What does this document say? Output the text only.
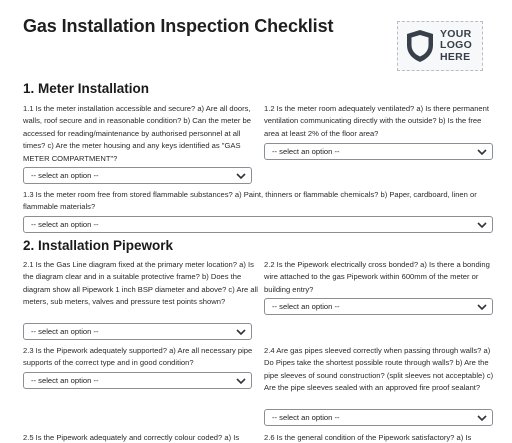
Gas Installation Inspection Checklist	YOUR
LOGO
HERE
1. Meter Installation
1.1 Is the meter installation accessible and secure? a) Are all doors, walls, roof secure and in reasonable condition? b) Can the meter be accessed for reading/maintenance by authorised personnel at all times? c) Are the meter housing and any keys identified as "GAS METER COMPARTMENT"?
-- select an option --
1.2 Is the meter room adequately ventilated? a) Is there permanent ventilation communicating directly with the outside? b) Is the free area at least 2% of the floor area?
-- select an option --
1.3 Is the meter room free from stored flammable substances? a) Paint, thinners or flammable chemicals? b) Paper, cardboard, linen or flammable materials?
-- select an option --
2. Installation Pipework
2.1 Is the Gas Line diagram fixed at the primary meter location? a) Is the diagram clear and in a suitable protective frame? b) Does the diagram show all Pipework 1 inch BSP diameter and above? c) Are all meters, sub meters, valves and pressure test points shown?
-- select an option --
2.2 Is the Pipework electrically cross bonded? a) Is there a bonding wire attached to the gas Pipework within 600mm of the meter or building entry?
-- select an option --
2.3 Is the Pipework adequately supported? a) Are all necessary pipe supports of the correct type and in good condition?
-- select an option --
2.4 Are gas pipes sleeved correctly when passing through walls? a) Do Pipes take the shortest possible route through walls? b) Are the pipe sleeves of sound construction? (split sleeves not acceptable) c) Are the pipe sleeves sealed with an approved fire proof sealant?
-- select an option --
2.5 Is the Pipework adequately and correctly colour coded? a) Is	2.6 Is the general condition of the Pipework satisfactory? a) Is
